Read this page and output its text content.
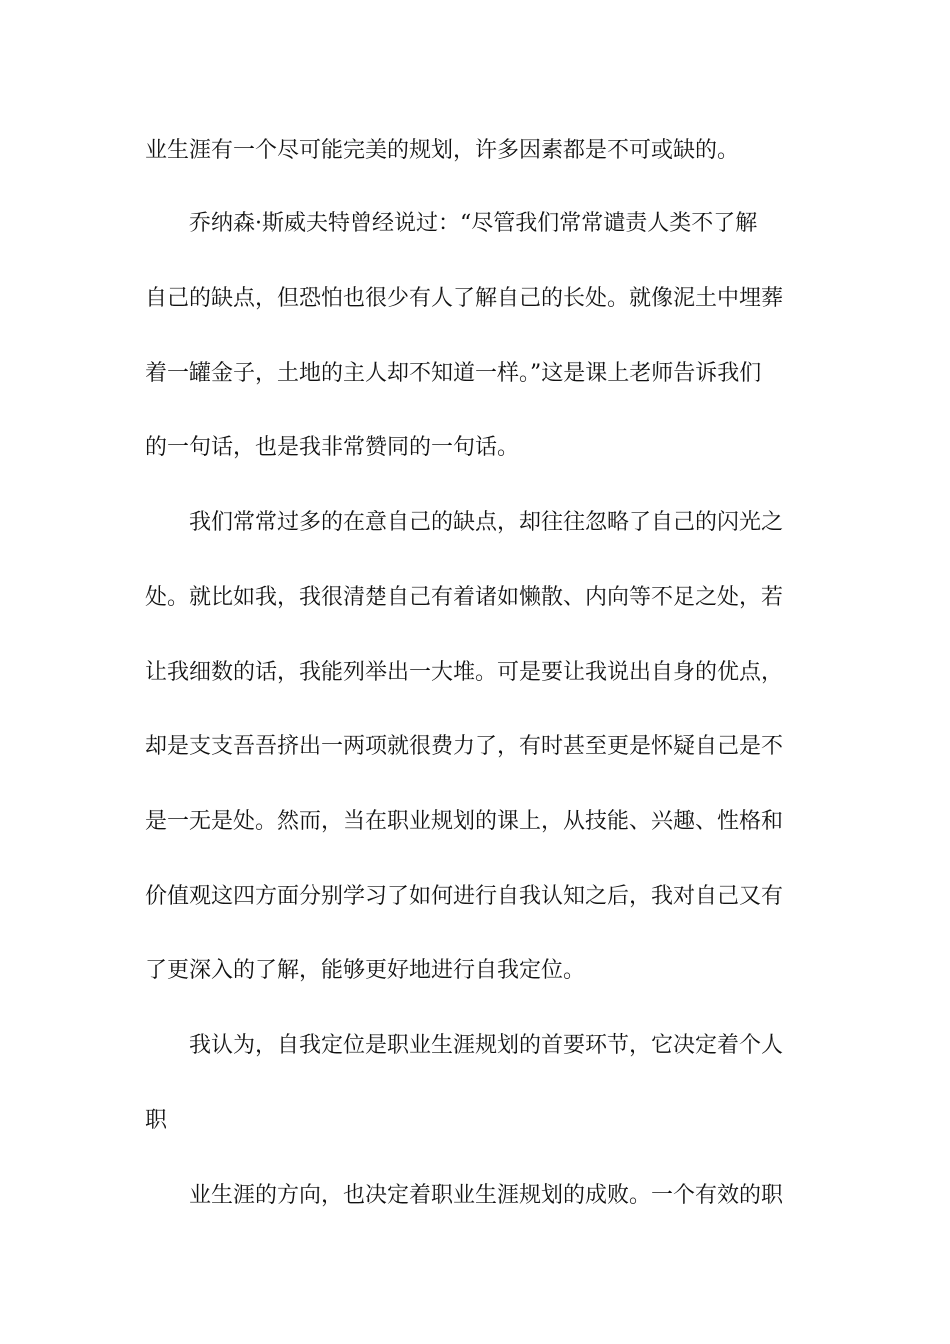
业生涯有一个尽可能完美的规划，许多因素都是不可或缺的。
乔纳森·斯威夫特曾经说过：“尽管我们常常谴责人类不了解
自己的缺点，但恐怕也很少有人了解自己的长处。就像泥土中埋葬
着一罐金子，土地的主人却不知道一样。”这是课上老师告诉我们
的一句话，也是我非常赞同的一句话。
我们常常过多的在意自己的缺点，却往往忽略了自己的闪光之
处。就比如我，我很清楚自己有着诸如懒散、内向等不足之处，若
让我细数的话，我能列举出一大堆。可是要让我说出自身的优点，
却是支支吾吾挤出一两项就很费力了，有时甚至更是怀疑自己是不
是一无是处。然而，当在职业规划的课上，从技能、兴趣、性格和
价值观这四方面分别学习了如何进行自我认知之后，我对自己又有
了更深入的了解，能够更好地进行自我定位。
我认为，自我定位是职业生涯规划的首要环节，它决定着个人
职
业生涯的方向，也决定着职业生涯规划的成败。一个有效的职
